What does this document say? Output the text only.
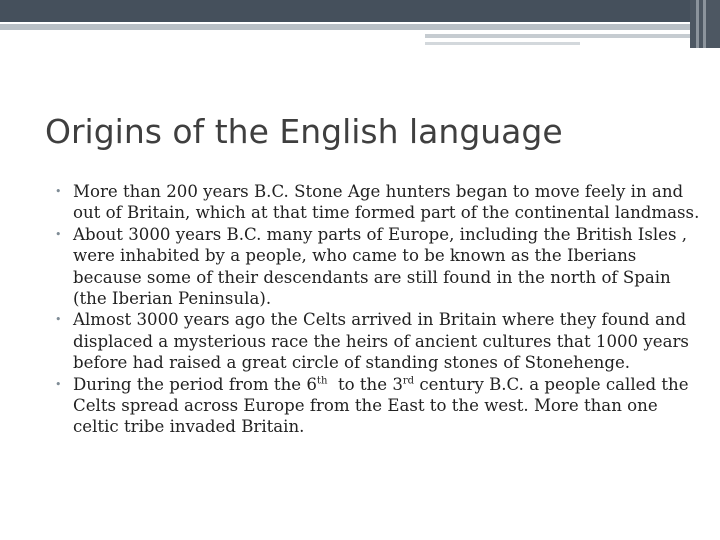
Origins of the English language
• More than 200 years B.C. Stone Age hunters began to move feely in and out of Britain, which at that time formed part of the continental landmass.
• About 3000 years B.C. many parts of Europe, including the British Isles , were inhabited by a people, who came to be known as the Iberians because some of their descendants are still found in the north of Spain (the Iberian Peninsula).
• Almost 3000 years ago the Celts arrived in Britain where they found and displaced a mysterious race the heirs of ancient cultures that 1000 years before had raised a great circle of standing stones of Stonehenge.
• During the period from the 6th  to the 3rd century B.C. a people called the Celts spread across Europe from the East to the west. More than one celtic tribe invaded Britain.
